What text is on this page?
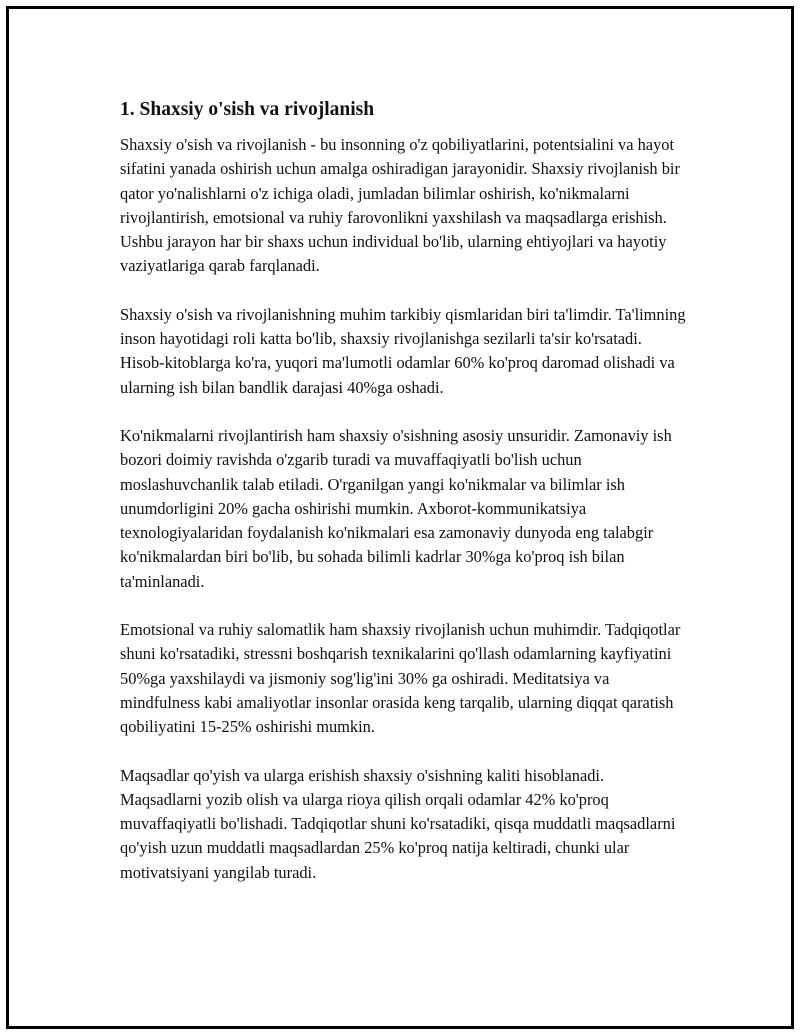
1. Shaxsiy o'sish va rivojlanish

Shaxsiy o'sish va rivojlanish - bu insonning o'z qobiliyatlarini, potentsialini va hayot sifatini yanada oshirish uchun amalga oshiradigan jarayonidir. Shaxsiy rivojlanish bir qator yo'nalishlarni o'z ichiga oladi, jumladan bilimlar oshirish, ko'nikmalarni rivojlantirish, emotsional va ruhiy farovonlikni yaxshilash va maqsadlarga erishish. Ushbu jarayon har bir shaxs uchun individual bo'lib, ularning ehtiyojlari va hayotiy vaziyatlariga qarab farqlanadi.

Shaxsiy o'sish va rivojlanishning muhim tarkibiy qismlaridan biri ta'limdir. Ta'limning inson hayotidagi roli katta bo'lib, shaxsiy rivojlanishga sezilarli ta'sir ko'rsatadi. Hisob-kitoblarga ko'ra, yuqori ma'lumotli odamlar 60% ko'proq daromad olishadi va ularning ish bilan bandlik darajasi 40%ga oshadi.

Ko'nikmalarni rivojlantirish ham shaxsiy o'sishning asosiy unsuridir. Zamonaviy ish bozori doimiy ravishda o'zgarib turadi va muvaffaqiyatli bo'lish uchun moslashuvchanlik talab etiladi. O'rganilgan yangi ko'nikmalar va bilimlar ish unumdorligini 20% gacha oshirishi mumkin. Axborot-kommunikatsiya texnologiyalaridan foydalanish ko'nikmalari esa zamonaviy dunyoda eng talabgir ko'nikmalardan biri bo'lib, bu sohada bilimli kadrlar 30%ga ko'proq ish bilan ta'minlanadi.

Emotsional va ruhiy salomatlik ham shaxsiy rivojlanish uchun muhimdir. Tadqiqotlar shuni ko'rsatadiki, stressni boshqarish texnikalarini qo'llash odamlarning kayfiyatini 50%ga yaxshilaydi va jismoniy sog'lig'ini 30% ga oshiradi. Meditatsiya va mindfulness kabi amaliyotlar insonlar orasida keng tarqalib, ularning diqqat qaratish qobiliyatini 15-25% oshirishi mumkin.

Maqsadlar qo'yish va ularga erishish shaxsiy o'sishning kaliti hisoblanadi. Maqsadlarni yozib olish va ularga rioya qilish orqali odamlar 42% ko'proq muvaffaqiyatli bo'lishadi. Tadqiqotlar shuni ko'rsatadiki, qisqa muddatli maqsadlarni qo'yish uzun muddatli maqsadlardan 25% ko'proq natija keltiradi, chunki ular motivatsiyani yangilab turadi.
